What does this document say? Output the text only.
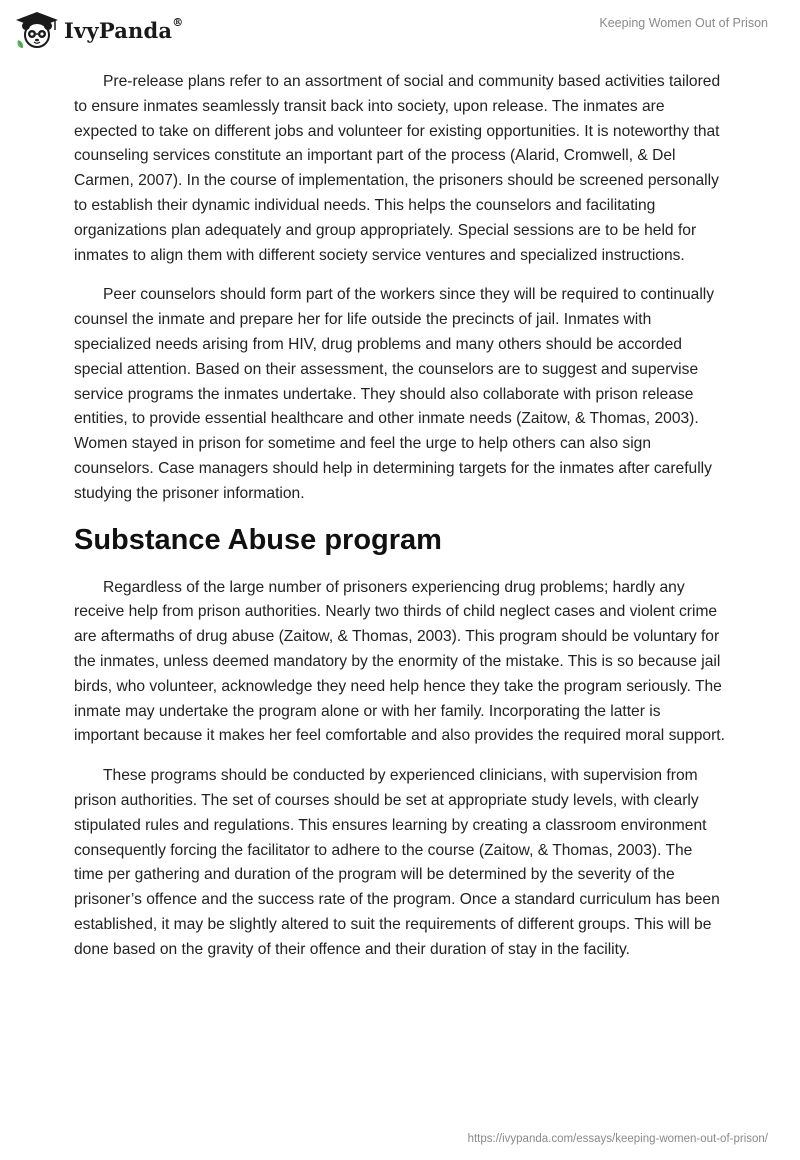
IvyPanda®	Keeping Women Out of Prison

Pre-release plans refer to an assortment of social and community based activities tailored to ensure inmates seamlessly transit back into society, upon release. The inmates are expected to take on different jobs and volunteer for existing opportunities. It is noteworthy that counseling services constitute an important part of the process (Alarid, Cromwell, & Del Carmen, 2007). In the course of implementation, the prisoners should be screened personally to establish their dynamic individual needs. This helps the counselors and facilitating organizations plan adequately and group appropriately. Special sessions are to be held for inmates to align them with different society service ventures and specialized instructions.

Peer counselors should form part of the workers since they will be required to continually counsel the inmate and prepare her for life outside the precincts of jail. Inmates with specialized needs arising from HIV, drug problems and many others should be accorded special attention. Based on their assessment, the counselors are to suggest and supervise service programs the inmates undertake. They should also collaborate with prison release entities, to provide essential healthcare and other inmate needs (Zaitow, & Thomas, 2003). Women stayed in prison for sometime and feel the urge to help others can also sign counselors. Case managers should help in determining targets for the inmates after carefully studying the prisoner information.

Substance Abuse program

Regardless of the large number of prisoners experiencing drug problems; hardly any receive help from prison authorities. Nearly two thirds of child neglect cases and violent crime are aftermaths of drug abuse (Zaitow, & Thomas, 2003). This program should be voluntary for the inmates, unless deemed mandatory by the enormity of the mistake. This is so because jail birds, who volunteer, acknowledge they need help hence they take the program seriously. The inmate may undertake the program alone or with her family. Incorporating the latter is important because it makes her feel comfortable and also provides the required moral support.

These programs should be conducted by experienced clinicians, with supervision from prison authorities. The set of courses should be set at appropriate study levels, with clearly stipulated rules and regulations. This ensures learning by creating a classroom environment consequently forcing the facilitator to adhere to the course (Zaitow, & Thomas, 2003). The time per gathering and duration of the program will be determined by the severity of the prisoner’s offence and the success rate of the program. Once a standard curriculum has been established, it may be slightly altered to suit the requirements of different groups. This will be done based on the gravity of their offence and their duration of stay in the facility.

https://ivypanda.com/essays/keeping-women-out-of-prison/
